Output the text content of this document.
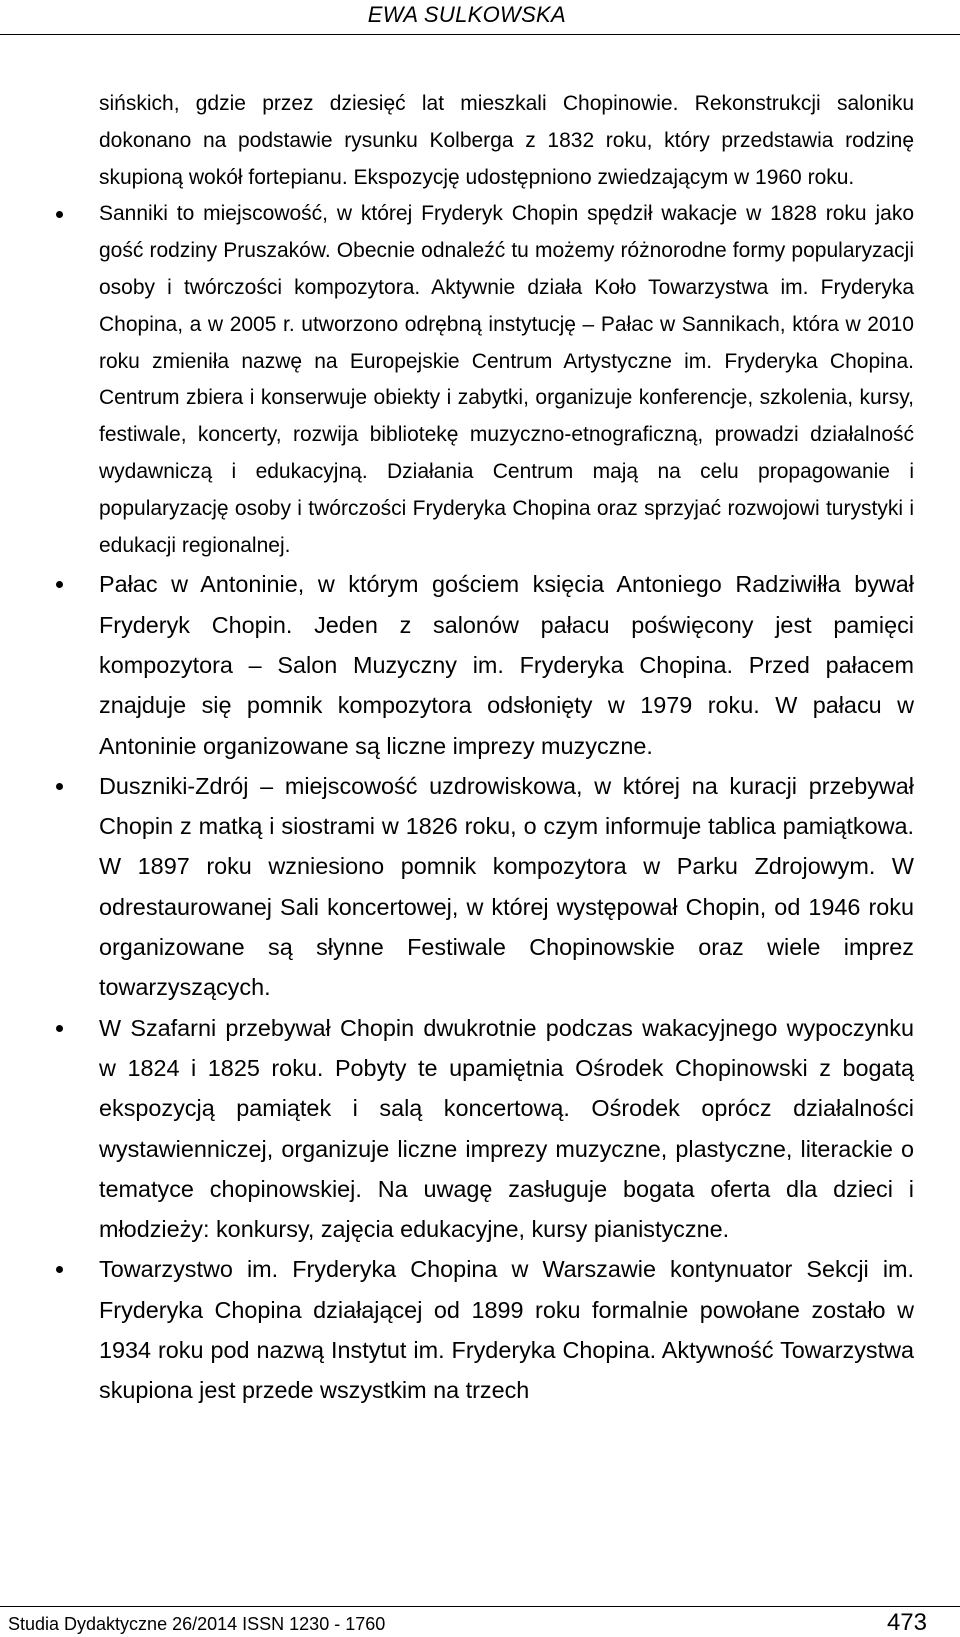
EWA SULKOWSKA

sińskich, gdzie przez dziesięć lat mieszkali Chopinowie. Rekonstrukcji saloniku dokonano na podstawie rysunku Kolberga z 1832 roku, który przedstawia rodzinę skupioną wokół fortepianu. Ekspozycję udostępniono zwiedzającym w 1960 roku.

Sanniki to miejscowość, w której Fryderyk Chopin spędził wakacje w 1828 roku jako gość rodziny Pruszaków. Obecnie odnaleźć tu możemy różnorodne formy popularyzacji osoby i twórczości kompozytora. Aktywnie działa Koło Towarzystwa im. Fryderyka Chopina, a w 2005 r. utworzono odrębną instytucję – Pałac w Sannikach, która w 2010 roku zmieniła nazwę na Europejskie Centrum Artystyczne im. Fryderyka Chopina. Centrum zbiera i konserwuje obiekty i zabytki, organizuje konferencje, szkolenia, kursy, festiwale, koncerty, rozwija bibliotekę muzyczno-etnograficzną, prowadzi działalność wydawniczą i edukacyjną. Działania Centrum mają na celu propagowanie i popularyzację osoby i twórczości Fryderyka Chopina oraz sprzyjać rozwojowi turystyki i edukacji regionalnej.
Pałac w Antoninie, w którym gościem księcia Antoniego Radziwiłła bywał Fryderyk Chopin. Jeden z salonów pałacu poświęcony jest pamięci kompozytora – Salon Muzyczny im. Fryderyka Chopina. Przed pałacem znajduje się pomnik kompozytora odsłonięty w 1979 roku. W pałacu w Antoninie organizowane są liczne imprezy muzyczne.
Duszniki-Zdrój – miejscowość uzdrowiskowa, w której na kuracji przebywał Chopin z matką i siostrami w 1826 roku, o czym informuje tablica pamiątkowa. W 1897 roku wzniesiono pomnik kompozytora w Parku Zdrojowym. W odrestaurowanej Sali koncertowej, w której występował Chopin, od 1946 roku organizowane są słynne Festiwale Chopinowskie oraz wiele imprez towarzyszących.
W Szafarni przebywał Chopin dwukrotnie podczas wakacyjnego wypoczynku w 1824 i 1825 roku. Pobyty te upamiętnia Ośrodek Chopinowski z bogatą ekspozycją pamiątek i salą koncertową. Ośrodek oprócz działalności wystawienniczej, organizuje liczne imprezy muzyczne, plastyczne, literackie o tematyce chopinowskiej. Na uwagę zasługuje bogata oferta dla dzieci i młodzieży: konkursy, zajęcia edukacyjne, kursy pianistyczne.
Towarzystwo im. Fryderyka Chopina w Warszawie kontynuator Sekcji im. Fryderyka Chopina działającej od 1899 roku formalnie powołane zostało w 1934 roku pod nazwą Instytut im. Fryderyka Chopina. Aktywność Towarzystwa skupiona jest przede wszystkim na trzech
Studia Dydaktyczne 26/2014 ISSN 1230 - 1760	473
